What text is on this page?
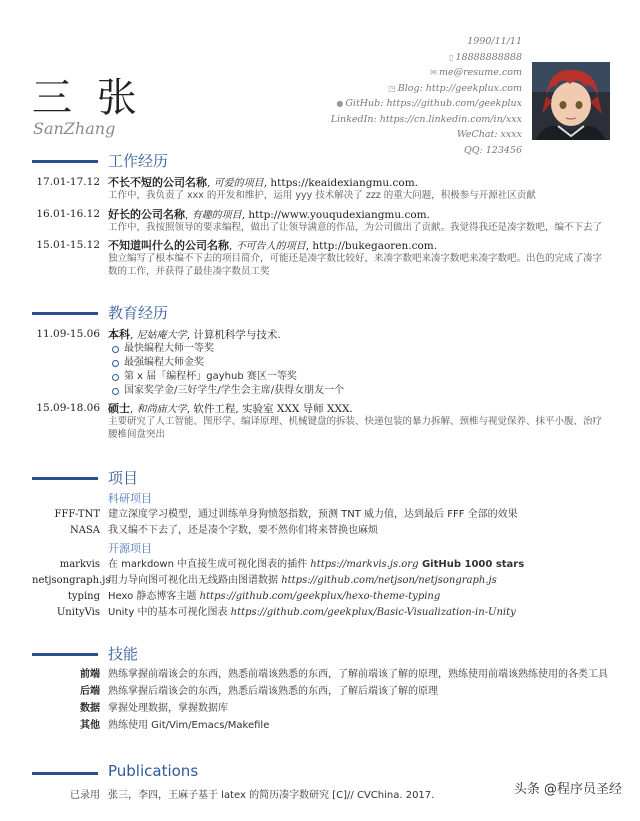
三 张
SanZhang
1990/11/11
▯ 18888888888
✉ me@resume.com
◳ Blog: http://geekplux.com
● GitHub: https://github.com/geekplux
LinkedIn: https://cn.linkedin.com/in/xxx
WeChat: xxxx
QQ: 123456
工作经历
17.01-17.12 不长不短的公司名称, 可爱的项目, https://keaidexiangmu.com.
工作中，我负责了 xxx 的开发和维护，运用 yyy 技术解决了 zzz 的重大问题，积极参与开源社区贡献
16.01-16.12 好长的公司名称, 有趣的项目, http://www.youqudexiangmu.com.
工作中，我按照领导的要求编程，做出了让领导满意的作品，为公司做出了贡献。我觉得我还是凑字数吧，编不下去了
15.01-15.12 不知道叫什么的公司名称, 不可告人的项目, http://bukegaoren.com.
独立编写了根本编不下去的项目简介，可能还是凑字数比较好，来凑字数吧来凑字数吧来凑字数吧。出色的完成了凑字数的工作，并获得了最佳凑字数员工奖
教育经历
11.09-15.06 本科, 尼姑庵大学, 计算机科学与技术.
最快编程大师一等奖
最强编程大师金奖
第 x 届「编程杯」gayhub 赛区一等奖
国家奖学金/三好学生/学生会主席/获得女朋友一个
15.09-18.06 硕士, 和尚庙大学, 软件工程, 实验室 XXX 导师 XXX.
主要研究了人工智能、图形学、编译原理、机械键盘的拆装、快递包装的暴力拆解、颈椎与视觉保养、抹平小腹、治疗腰椎间盘突出
项目
科研项目
FFF-TNT 建立深度学习模型，通过训练单身狗愤怒指数，预测 TNT 威力值，达到最后 FFF 全部的效果
NASA 我又编不下去了，还是凑个字数，要不然你们将来替换也麻烦
开源项目
markvis 在 markdown 中直接生成可视化图表的插件 https://markvis.js.org GitHub 1000 stars
netjsongraph.js
用力导向图可视化出无线路由图谱数据 https://github.com/netjson/netjsongraph.js
typing Hexo 静态博客主题 https://github.com/geekplux/hexo-theme-typing
UnityVis Unity 中的基本可视化图表 https://github.com/geekplux/Basic-Visualization-in-Unity
技能
前端 熟练掌握前端该会的东西，熟悉前端该熟悉的东西，了解前端该了解的原理，熟练使用前端该熟练使用的各类工具
后端 熟练掌握后端该会的东西，熟悉后端该熟悉的东西，了解后端该了解的原理
数据 掌握处理数据，掌握数据库
其他 熟练使用 Git/Vim/Emacs/Makefile
Publications
已录用 张三，李四，王麻子基于 latex 的简历凑字数研究 [C]// CVChina. 2017.	头条 @程序员圣经
